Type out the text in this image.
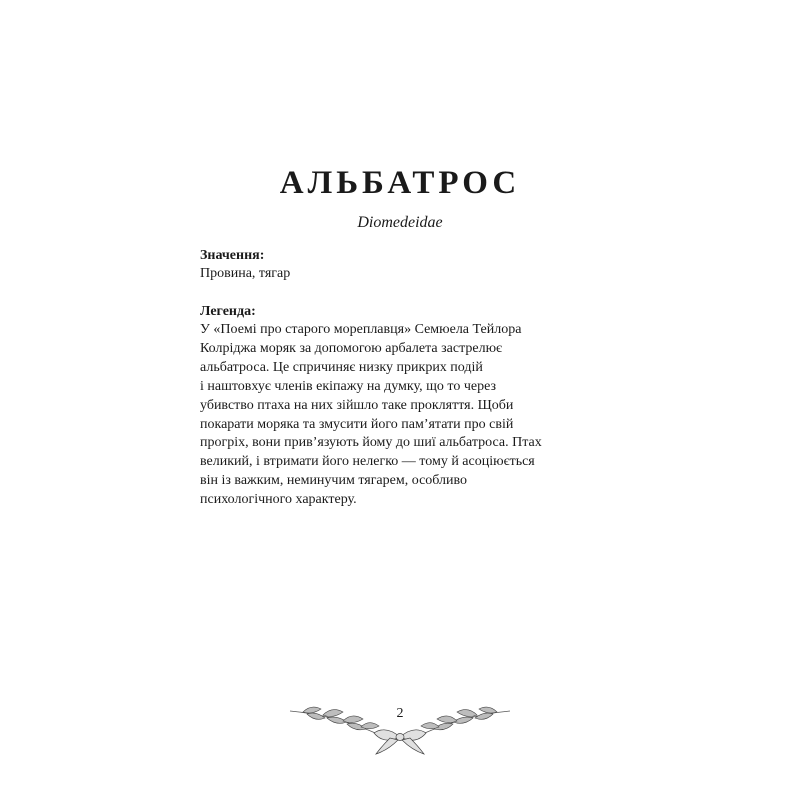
АЛЬБАТРОС
Diomedeidae
Значення:
Провина, тягар
Легенда:
У «Поемі про старого мореплавця» Семюела Тейлора
Колріджа моряк за допомогою арбалета застрелює
альбатроса. Це спричиняє низку прикрих подій
і наштовхує членів екіпажу на думку, що то через
убивство птаха на них зійшло таке прокляття. Щоби
покарати моряка та змусити його пам’ятати про свій
прогріх, вони прив’язують йому до шиї альбатроса. Птах
великий, і втримати його нелегко — тому й асоціюється
він із важким, неминучим тягарем, особливо
психологічного характеру.
2
